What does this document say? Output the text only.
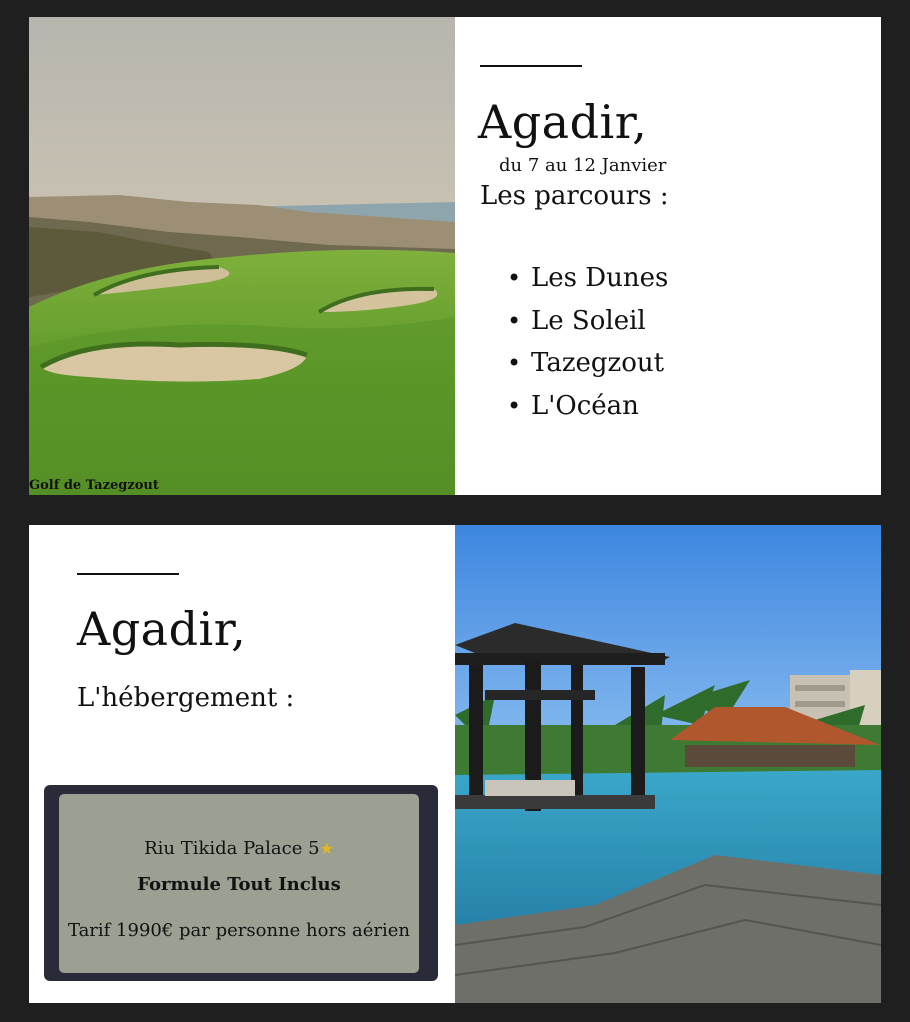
Golf de Tazegzout
Agadir,
du 7 au 12 Janvier
Les parcours :
• Les Dunes
• Le Soleil
• Tazegzout
• L'Océan
Agadir,
L'hébergement :
Riu Tikida Palace 5★
Formule Tout Inclus
Tarif 1990€ par personne hors aérien
